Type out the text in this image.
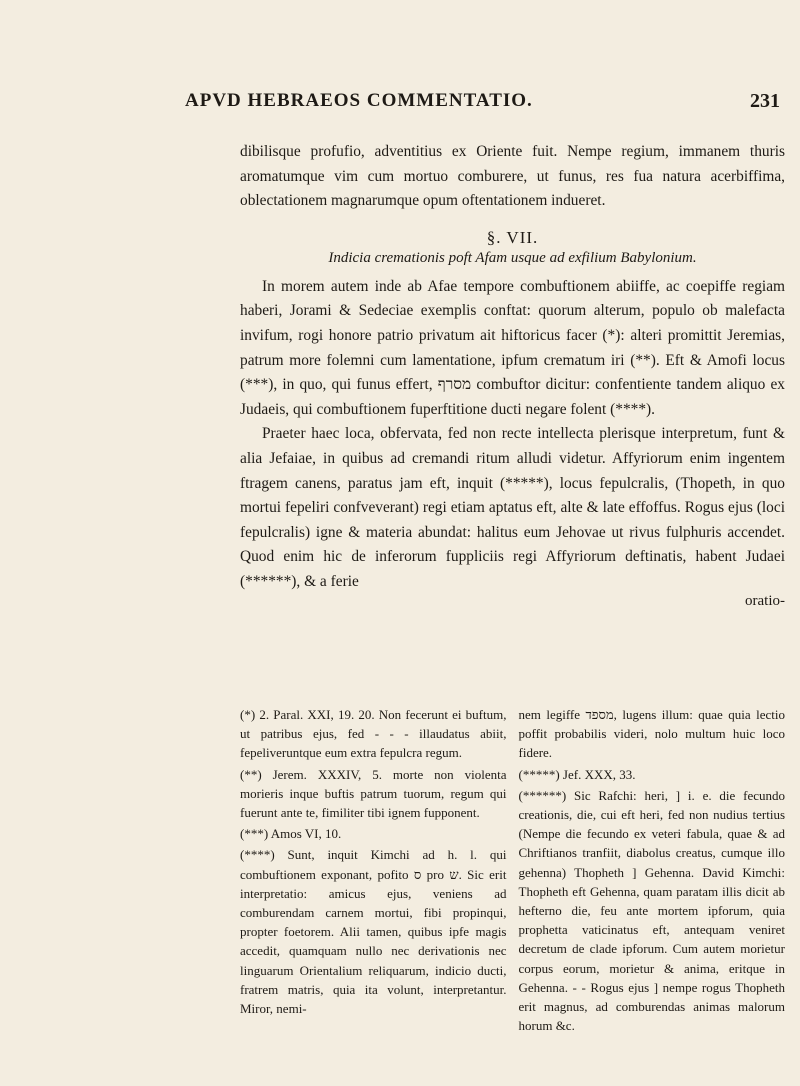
APVD HEBRAEOS COMMENTATIO.	231

dibilisque profufio, adventitius ex Oriente fuit. Nempe regium, immanem thuris aromatumque vim cum mortuo comburere, ut funus, res fua natura acerbiffima, oblectationem magnarumque opum oftentationem indueret.

§. VII.
Indicia cremationis poft Afam usque ad exfilium Babylonium.

In morem autem inde ab Afae tempore combuftionem abiiffe, ac coepiffe regiam haberi, Jorami & Sedeciae exemplis conftat: quorum alterum, populo ob malefacta invifum, rogi honore patrio privatum ait hiftoricus facer (*): alteri promittit Jeremias, patrum more folemni cum lamentatione, ipfum crematum iri (**). Eft & Amofi locus (***), in quo, qui funus effert, מסרף combuftor dicitur: confentiente tandem aliquo ex Judaeis, qui combuftionem fuperftitione ducti negare folent (****).

Praeter haec loca, obfervata, fed non recte intellecta plerisque interpretum, funt & alia Jefaiae, in quibus ad cremandi ritum alludi videtur. Affyriorum enim ingentem ftragem canens, paratus jam eft, inquit (*****), locus fepulcralis, (Thopeth, in quo mortui fepeliri confveverant) regi etiam aptatus eft, alte & late effoffus. Rogus ejus (loci fepulcralis) igne & materia abundat: halitus eum Jehovae ut rivus fulphuris accendet. Quod enim hic de inferorum fuppliciis regi Affyriorum deftinatis, habent Judaei (******), & a ferie

oratio-

(*) 2. Paral. XXI, 19. 20. Non fecerunt ei buftum, ut patribus ejus, fed - - - illaudatus abiit, fepeliveruntque eum extra fepulcra regum.

(**) Jerem. XXXIV, 5. morte non violenta morieris inque buftis patrum tuorum, regum qui fuerunt ante te, fimiliter tibi ignem fupponent.

(***) Amos VI, 10.

(****) Sunt, inquit Kimchi ad h. l. qui combuftionem exponant, pofito ס pro ש. Sic erit interpretatio: amicus ejus, veniens ad comburendam carnem mortui, fibi propinqui, propter foetorem. Alii tamen, quibus ipfe magis accedit, quamquam nullo nec derivationis nec linguarum Orientalium reliquarum, indicio ducti, fratrem matris, quia ita volunt, interpretantur. Miror, nemi-

nem legiffe מספד, lugens illum: quae quia lectio poffit probabilis videri, nolo multum huic loco fidere.

(*****) Jef. XXX, 33.

(******) Sic Rafchi: heri, ] i. e. die fecundo creationis, die, cui eft heri, fed non nudius tertius (Nempe die fecundo ex veteri fabula, quae & ad Chriftianos tranfiit, diabolus creatus, cumque illo gehenna) Thopheth ] Gehenna. David Kimchi: Thopheth eft Gehenna, quam paratam illis dicit ab hefterno die, feu ante mortem ipforum, quia prophetta vaticinatus eft, antequam veniret decretum de clade ipforum. Cum autem morietur corpus eorum, morietur & anima, eritque in Gehenna. - - Rogus ejus ] nempe rogus Thopheth erit magnus, ad comburendas animas malorum horum &c.
